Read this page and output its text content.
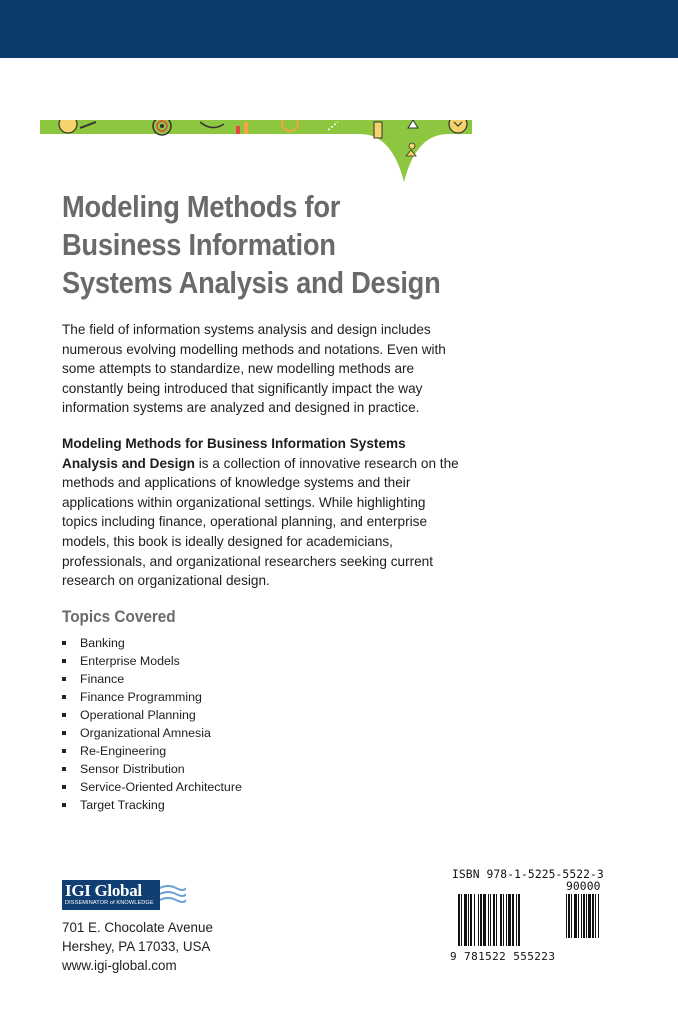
Modeling Methods for
Business Information
Systems Analysis and Design
The field of information systems analysis and design includes numerous evolving modelling methods and notations. Even with some attempts to standardize, new modelling methods are constantly being introduced that significantly impact the way information systems are analyzed and designed in practice.
Modeling Methods for Business Information Systems Analysis and Design is a collection of innovative research on the methods and applications of knowledge systems and their applications within organizational settings. While highlighting topics including finance, operational planning, and enterprise models, this book is ideally designed for academicians, professionals, and organizational researchers seeking current research on organizational design.
Topics Covered
Banking
Enterprise Models
Finance
Finance Programming
Operational Planning
Organizational Amnesia
Re-Engineering
Sensor Distribution
Service-Oriented Architecture
Target Tracking
IGI Global
DISSEMINATOR of KNOWLEDGE
701 E. Chocolate Avenue
Hershey, PA 17033, USA
www.igi-global.com
ISBN 978-1-5225-5522-3
90000
9 781522 555223
